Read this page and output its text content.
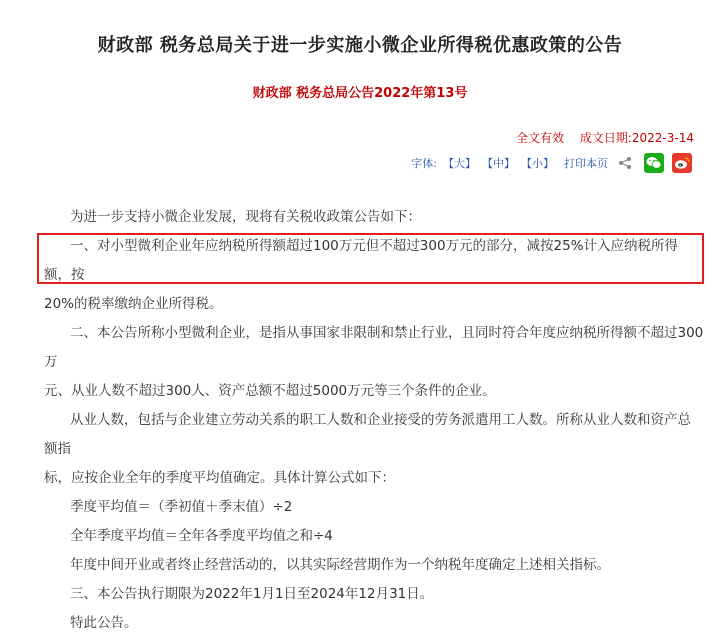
财政部 税务总局关于进一步实施小微企业所得税优惠政策的公告
财政部 税务总局公告2022年第13号
全文有效 成文日期:2022-3-14
字体: 【大】 【中】 【小】 打印本页

为进一步支持小微企业发展，现将有关税收政策公告如下：

一、对小型微利企业年应纳税所得额超过100万元但不超过300万元的部分，减按25%计入应纳税所得额，按

20%的税率缴纳企业所得税。

二、本公告所称小型微利企业，是指从事国家非限制和禁止行业，且同时符合年度应纳税所得额不超过300万

元、从业人数不超过300人、资产总额不超过5000万元等三个条件的企业。

从业人数，包括与企业建立劳动关系的职工人数和企业接受的劳务派遣用工人数。所称从业人数和资产总额指

标，应按企业全年的季度平均值确定。具体计算公式如下：

季度平均值＝（季初值＋季末值）÷2

全年季度平均值＝全年各季度平均值之和÷4

年度中间开业或者终止经营活动的，以其实际经营期作为一个纳税年度确定上述相关指标。

三、本公告执行期限为2022年1月1日至2024年12月31日。

特此公告。
